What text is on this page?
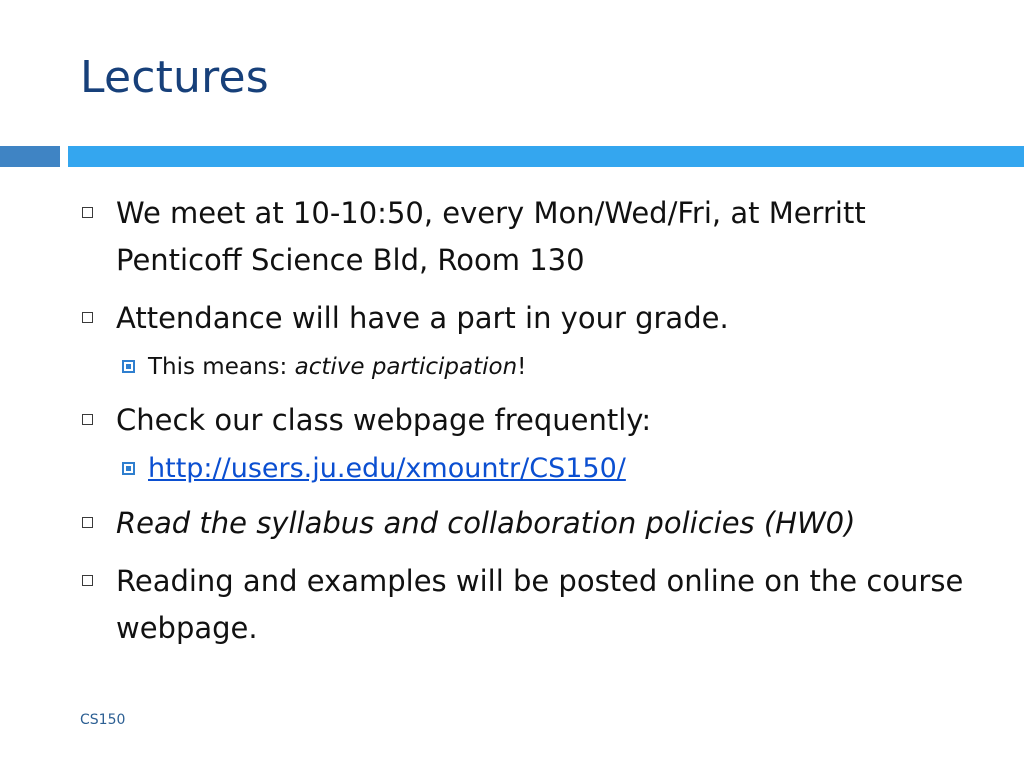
Lectures
We meet at 10-10:50, every Mon/Wed/Fri, at Merritt Penticoff Science Bld, Room 130
Attendance will have a part in your grade.
This means: active participation!
Check our class webpage frequently:
http://users.ju.edu/xmountr/CS150/
Read the syllabus and collaboration policies (HW0)
Reading and examples will be posted online on the course webpage.
CS150
